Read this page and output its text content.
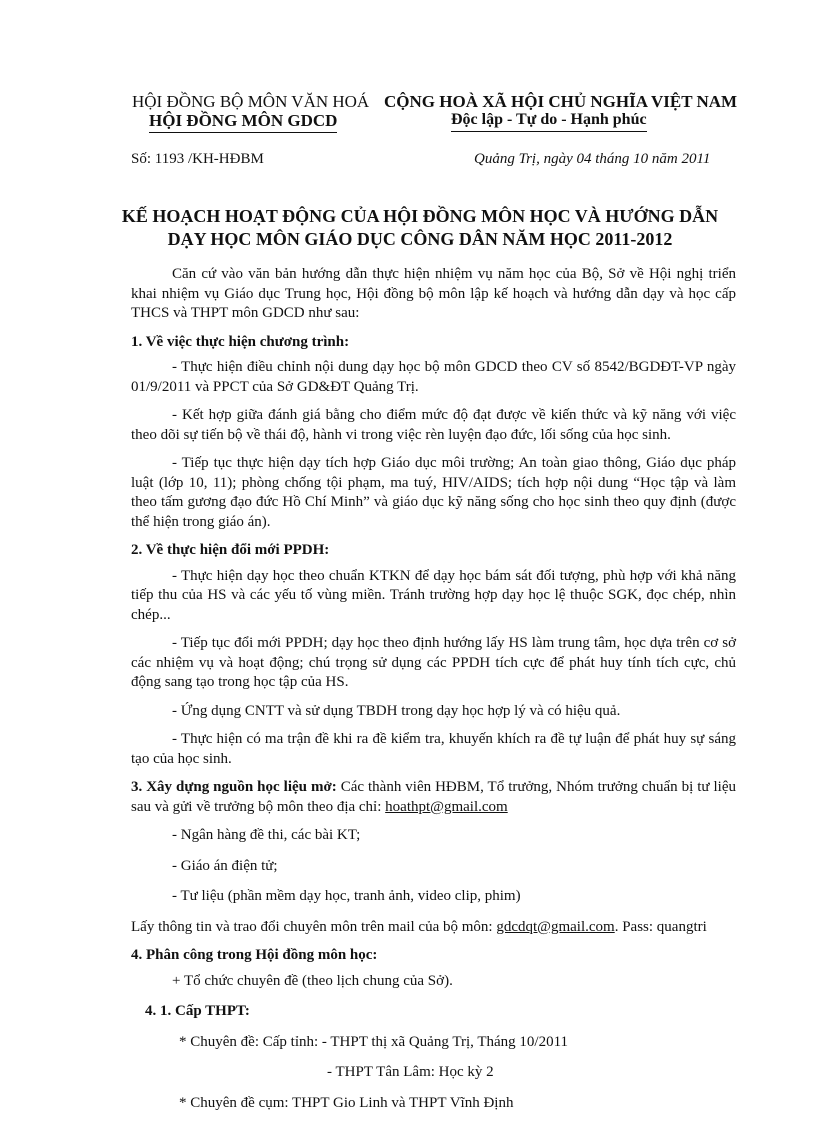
HỘI ĐỒNG BỘ MÔN VĂN HOÁ
HỘI ĐỒNG MÔN GDCD
CỘNG HOÀ XÃ HỘI CHỦ NGHĨA VIỆT NAM
Độc lập - Tự do - Hạnh phúc
Số: 1193 /KH-HĐBM	Quảng Trị, ngày 04 tháng 10 năm 2011
KẾ HOẠCH HOẠT ĐỘNG CỦA HỘI ĐỒNG MÔN HỌC VÀ HƯỚNG DẪN
DẠY HỌC MÔN GIÁO DỤC CÔNG DÂN NĂM HỌC 2011-2012

Căn cứ vào văn bản hướng dẫn thực hiện nhiệm vụ năm học của Bộ, Sở về Hội nghị triển khai nhiệm vụ Giáo dục Trung học, Hội đồng bộ môn lập kế hoạch và hướng dẫn dạy và học cấp THCS và THPT môn GDCD như sau:

1. Về việc thực hiện chương trình:

- Thực hiện điều chỉnh nội dung dạy học bộ môn GDCD theo CV số 8542/BGDĐT-VP ngày 01/9/2011 và PPCT của Sở GD&ĐT Quảng Trị.

- Kết hợp giữa đánh giá bằng cho điểm mức độ đạt được về kiến thức và kỹ năng với việc theo dõi sự tiến bộ về thái độ, hành vi trong việc rèn luyện đạo đức, lối sống của học sinh.

- Tiếp tục thực hiện dạy tích hợp Giáo dục môi trường; An toàn giao thông, Giáo dục pháp luật (lớp 10, 11); phòng chống tội phạm, ma tuý, HIV/AIDS; tích hợp nội dung “Học tập và làm theo tấm gương đạo đức Hồ Chí Minh” và giáo dục kỹ năng sống cho học sinh theo quy định (được thể hiện trong giáo án).

2. Về thực hiện đổi mới PPDH:

- Thực hiện dạy học theo chuẩn KTKN để dạy học bám sát đối tượng, phù hợp với khả năng tiếp thu của HS và các yếu tố vùng miền. Tránh trường hợp dạy học lệ thuộc SGK, đọc chép, nhìn chép...

- Tiếp tục đổi mới PPDH; dạy học theo định hướng lấy HS làm trung tâm, học dựa trên cơ sở các nhiệm vụ và hoạt động; chú trọng sử dụng các PPDH tích cực để phát huy tính tích cực, chủ động sang tạo trong học tập của HS.

- Ứng dụng CNTT và sử dụng TBDH trong dạy học hợp lý và có hiệu quả.

- Thực hiện có ma trận đề khi ra đề kiểm tra, khuyến khích ra đề tự luận để phát huy sự sáng tạo của học sinh.

3. Xây dựng nguồn học liệu mở: Các thành viên HĐBM, Tổ trưởng, Nhóm trưởng chuẩn bị tư liệu sau và gửi về trưởng bộ môn theo địa chỉ: hoathpt@gmail.com

- Ngân hàng đề thi, các bài KT;

- Giáo án điện tử;

- Tư liệu (phần mềm dạy học, tranh ảnh, video clip, phim)

Lấy thông tin và trao đổi chuyên môn trên mail của bộ môn: gdcdqt@gmail.com. Pass: quangtri

4. Phân công trong Hội đồng môn học:

+ Tổ chức chuyên đề (theo lịch chung của Sở).

4. 1. Cấp THPT:

* Chuyên đề: Cấp tỉnh: - THPT thị xã Quảng Trị, Tháng 10/2011

- THPT Tân Lâm: Học kỳ 2

* Chuyên đề cụm: THPT Gio Linh và THPT Vĩnh Định
